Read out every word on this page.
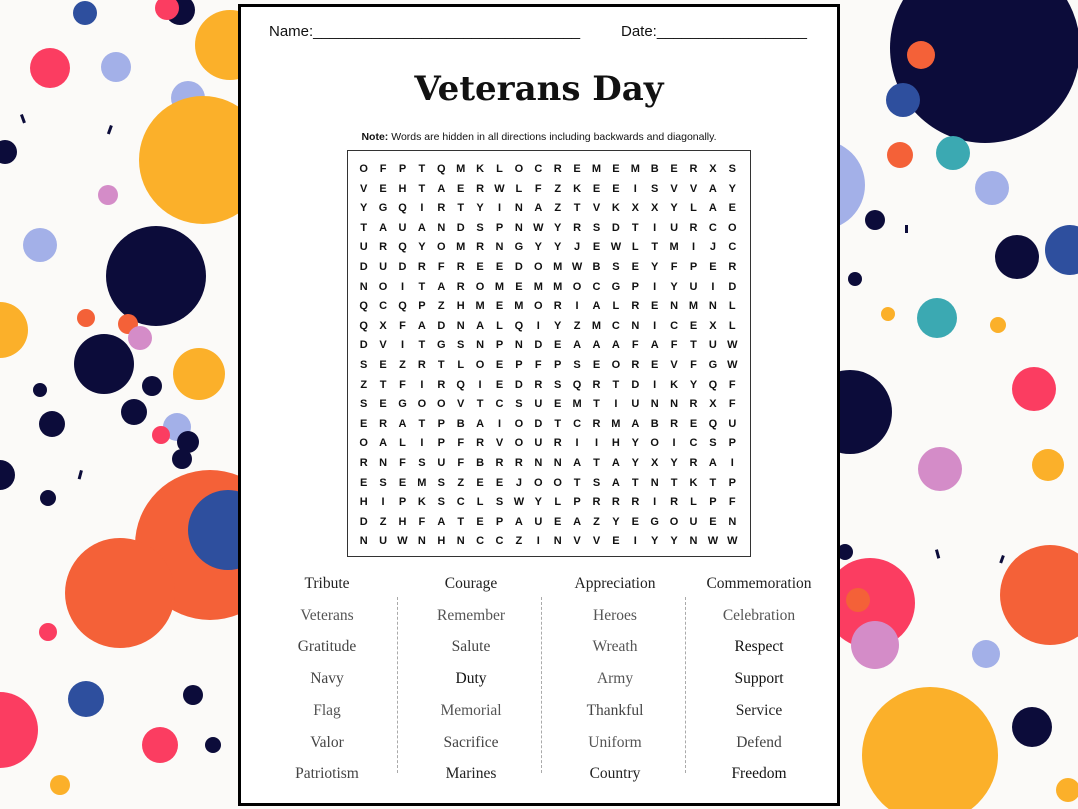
Name:________________________________	Date:__________________
Veterans Day
Note: Words are hidden in all directions including backwards and diagonally.
O	F	P	T	Q M K	L	O	C	R	E	M	E	M B	E	R	X	S
V	E	H	T	A	E	R W L	F	Z	K	E	E	I	S	V	V	A	Y
Y	G Q	I	R	T	Y	I	N	A	Z	T	V	K	X	X	Y	L	A	E
T	A	U	A	N	D	S	P	N W Y	R	S	D	T	I	U	R	C	O
U	R	Q	Y	O M R	N	G	Y	Y	J	E W L	T	M	I	J	C
D	U	D	R	F	R	E	E	D	O M W B	S	E	Y	F	P	E	R
N	O	I	T	A	R	O M	E	M M O	C	G	P	I	Y	U	I	D
Q	C	Q	P	Z	H M	E	M O	R	I	A	L	R	E	N M N	L
Q	X	F	A	D	N	A	L	Q	I	Y	Z	M C	N	I	C	E	X	L
D	V	I	T	G	S	N	P	N	D	E	A	A	A	F	A	F	T	U W
S	E	Z	R	T	L	O	E	P	F	P	S	E	O	R	E	V	F	G W
Z	T	F	I	R	Q	I	E	D	R	S	Q	R	T	D	I	K	Y	Q	F
S	E	G O O	V	T	C	S	U	E	M	T	I	U	N	N	R	X	F
E	R	A	T	P	B	A	I	O	D	T	C	R M A	B	R	E	Q	U
O	A	L	I	P	F	R	V	O	U	R	I	I	H	Y	O	I	C	S	P
R	N	F	S	U	F	B	R	R	N	N	A	T	A	Y	X	Y	R	A	I
E	S	E	M	S	Z	E	E	J	O O	T	S	A	T	N	T	K	T	P
H	I	P	K	S	C	L	S W Y	L	P	R	R	R	I	R	L	P	F
D	Z	H	F	A	T	E	P	A	U	E	A	Z	Y	E	G O	U	E	N
N	U W N	H	N	C	C	Z	I	N	V	V	E	I	Y	Y	N W W
Tribute
Veterans
Gratitude
Navy
Flag
Valor
Patriotism
Courage
Remember
Salute
Duty
Memorial
Sacrifice
Marines
Appreciation
Heroes
Wreath
Army
Thankful
Uniform
Country
Commemoration
Celebration
Respect
Support
Service
Defend
Freedom
